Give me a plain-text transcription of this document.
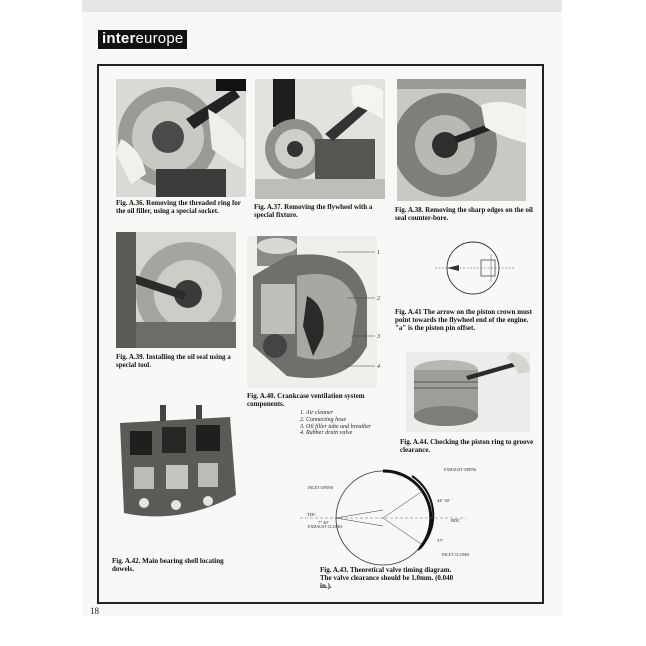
intereurope
Fig. A.36. Removing the threaded ring for the oil filler, using a special socket.
Fig. A.37. Removing the flywheel with a special fixture.
Fig. A.38. Removing the sharp edges on the oil seal counter-bore.
Fig. A.39. Installing the oil seal using a special tool.
1
2
3
4
Fig. A.40. Crankcase ventilation system components.
1. Air cleaner
2. Connecting hose
3. Oil filler tube and breather
4. Rubber drain valve
Fig. A.41 The arrow on the piston crown must point towards the flywheel end of the engine. "a" is the piston pin offset.
Fig. A.44. Checking the piston ring to groove clearance.
Fig. A.42. Main bearing shell locating dowels.
INLET OPENS
EXHAUST CLOSES
EXHAUST OPENS
INLET CLOSES
TDC
BDC
7° 30'
44° 30'
37°
Fig. A.43. Theoretical valve timing diagram. The valve clearance should be 1.0mm. (0.040 in.).
18
